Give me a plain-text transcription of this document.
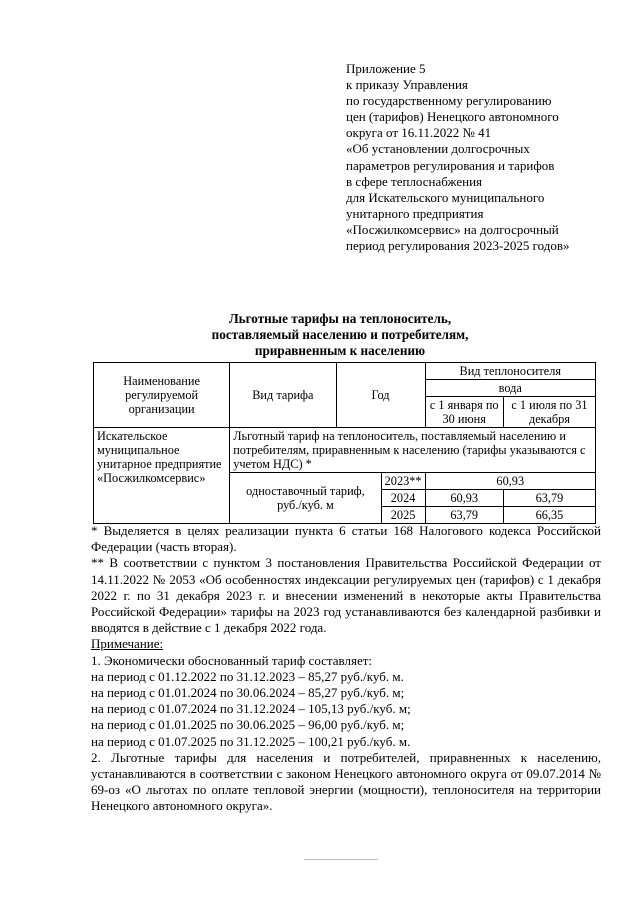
Приложение 5
к приказу Управления
по государственному регулированию
цен (тарифов) Ненецкого автономного
округа от 16.11.2022 № 41
«Об установлении долгосрочных
параметров регулирования и тарифов
в сфере теплоснабжения
для Искательского муниципального
унитарного предприятия
«Посжилкомсервис» на долгосрочный
период регулирования 2023-2025 годов»
Льготные тарифы на теплоноситель,
поставляемый населению и потребителям,
приравненным к населению
Наименование регулируемой организации	Вид тарифа	Год		Вид теплоносителя	
				вода	
				с 1 января по 30 июня	с 1 июля по 31 декабря
Искательское муниципальное унитарное предприятие «Посжилкомсервис»	Льготный тариф на теплоноситель, поставляемый населению и потребителям, приравненным к населению (тарифы указываются с учетом НДС) *				
	одноставочный тариф, руб./куб. м		2023**	60,93	
			2024	60,93	63,79
			2025	63,79	66,35

* Выделяется в целях реализации пункта 6 статьи 168 Налогового кодекса Российской Федерации (часть вторая).

** В соответствии с пунктом 3 постановления Правительства Российской Федерации от 14.11.2022 № 2053 «Об особенностях индексации регулируемых цен (тарифов) с 1 декабря 2022 г. по 31 декабря 2023 г. и внесении изменений в некоторые акты Правительства Российской Федерации» тарифы на 2023 год устанавливаются без календарной разбивки и вводятся в действие с 1 декабря 2022 года.

Примечание:

1. Экономически обоснованный тариф составляет:

на период с 01.12.2022 по 31.12.2023 – 85,27 руб./куб. м.

на период с 01.01.2024 по 30.06.2024 – 85,27 руб./куб. м;

на период с 01.07.2024 по 31.12.2024 – 105,13 руб./куб. м;

на период с 01.01.2025 по 30.06.2025 – 96,00 руб./куб. м;

на период с 01.07.2025 по 31.12.2025 – 100,21 руб./куб. м.

2. Льготные тарифы для населения и потребителей, приравненных к населению, устанавливаются в соответствии с законом Ненецкого автономного округа от 09.07.2014 № 69-оз «О льготах по оплате тепловой энергии (мощности), теплоносителя на территории Ненецкого автономного округа».
